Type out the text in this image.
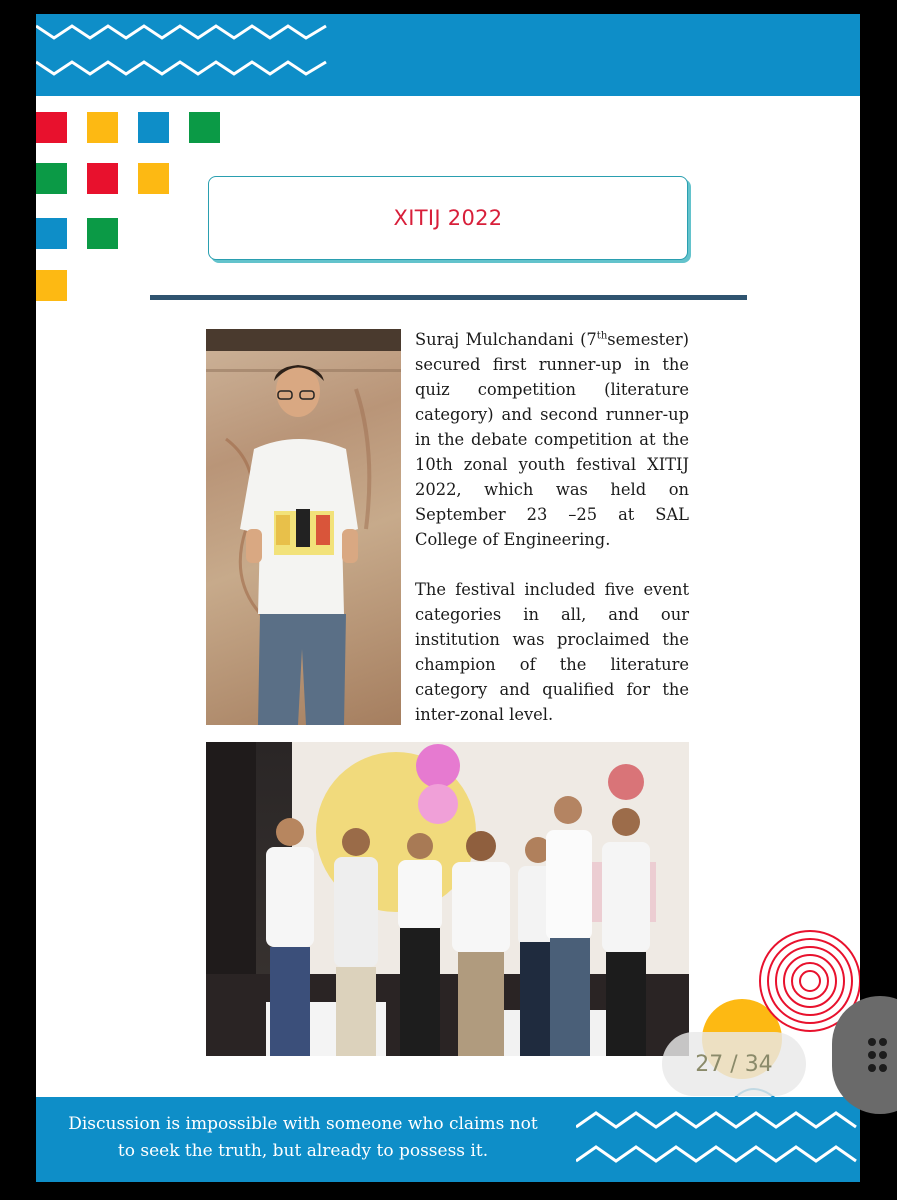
XITIJ 2022

Suraj Mulchandani (7thsemester) secured first runner-up in the quiz competition (literature category) and second runner-up in the debate competition at the 10th zonal youth festival XITIJ 2022, which was held on September 23 –25 at SAL College of Engineering.

The festival included five event categories in all, and our institution was proclaimed the champion of the literature category and qualified for the inter-zonal level.

27 / 34
Discussion is impossible with someone who claims not
to seek the truth, but already to possess it.
